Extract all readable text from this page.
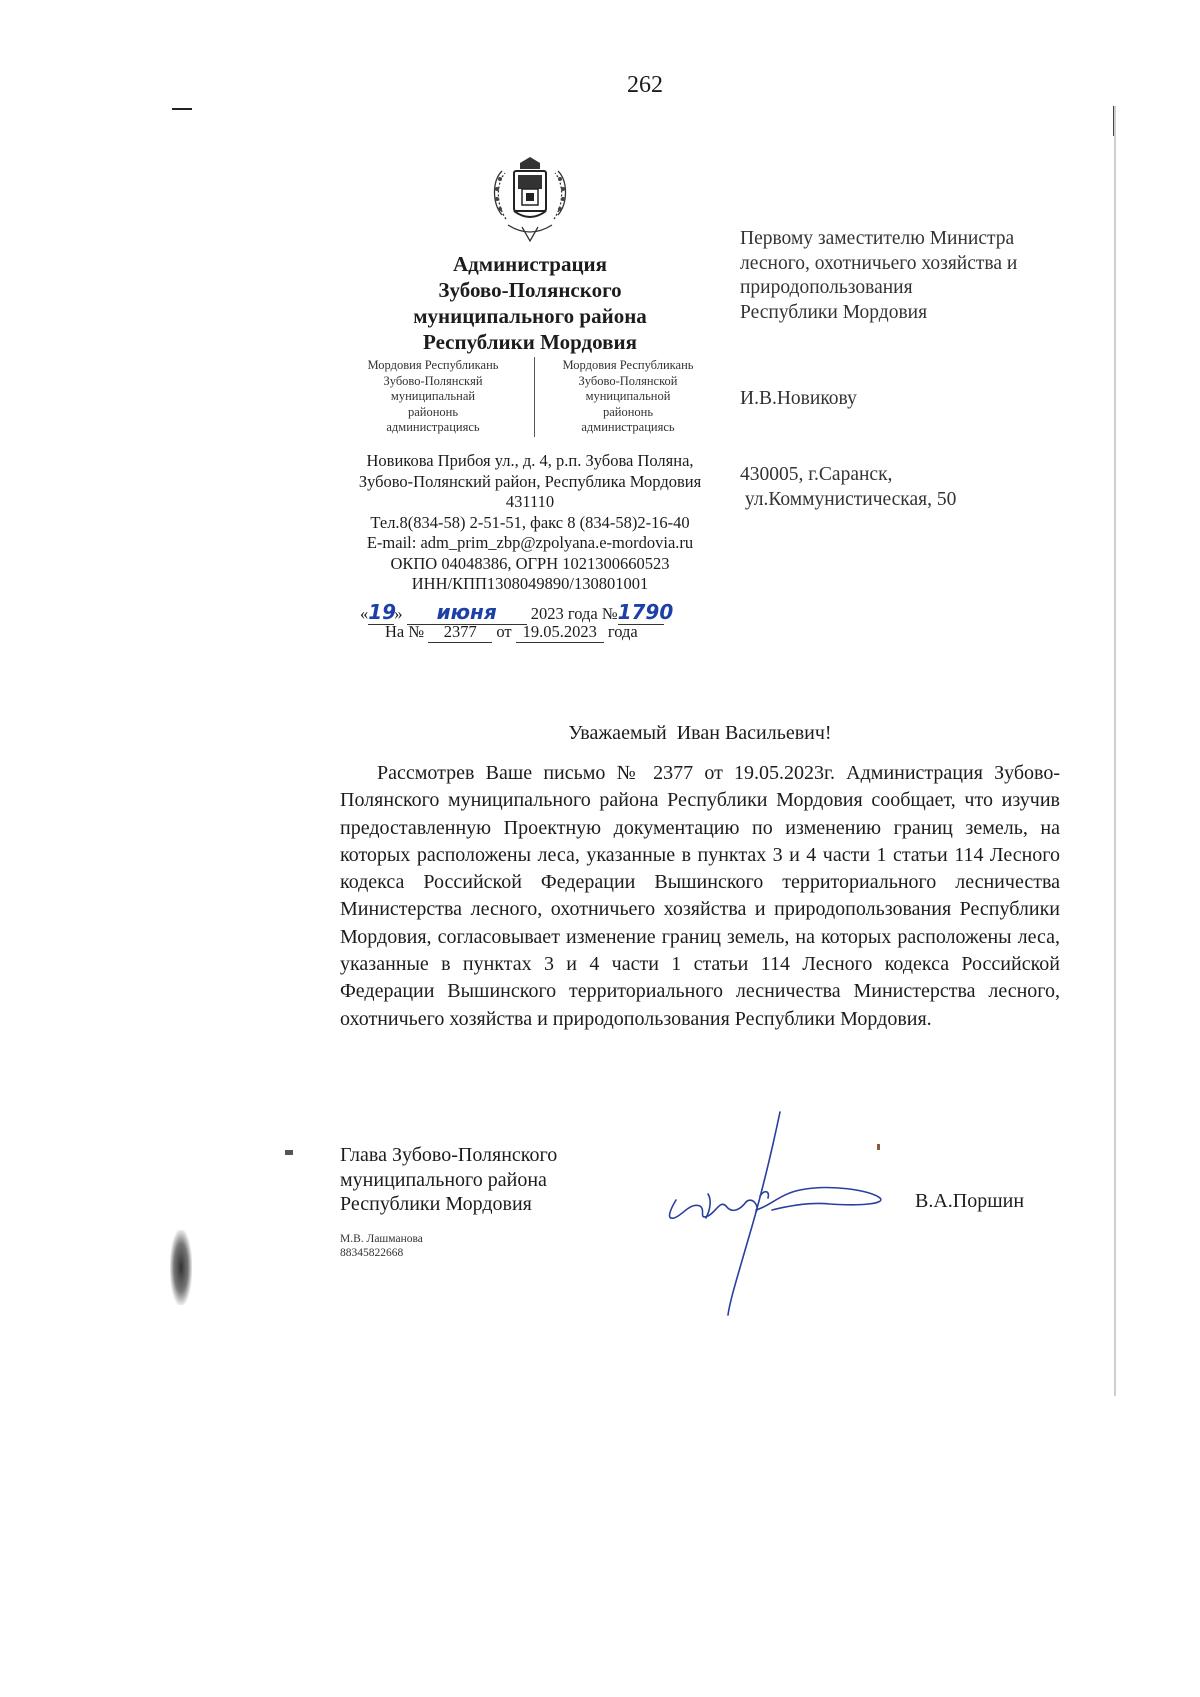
262
Администрация
Зубово-Полянского
муниципального района
Республики Мордовия
Мордовия Республикань
Зубово-Полянскяй
муниципальнай
райононь
администрациясь
Мордовия Республикань
Зубово-Полянской
муниципальной
райононь
администрациясь
Новикова Прибоя ул., д. 4, р.п. Зубова Поляна,
Зубово-Полянский район, Республика Мордовия
431110
Тел.8(834-58) 2-51-51, факс 8 (834-58)2-16-40
E-mail: adm_prim_zbp@zpolyana.e-mordovia.ru
ОКПО 04048386, ОГРН 1021300660523
ИНН/КПП1308049890/130801001
«19» июня 2023 года №1790
На № 2377 от 19.05.2023 года
Первому заместителю Министра
лесного, охотничьего хозяйства и
природопользования
Республики Мордовия
И.В.Новикову
430005, г.Саранск,
ул.Коммунистическая, 50
Уважаемый  Иван Васильевич!
Рассмотрев Ваше письмо № 2377 от 19.05.2023г. Администрация Зубово-Полянского муниципального района Республики Мордовия сообщает, что изучив предоставленную Проектную документацию по изменению границ земель, на которых расположены леса, указанные в пунктах 3 и 4 части 1 статьи 114 Лесного кодекса Российской Федерации Вышинского территориального лесничества Министерства лесного, охотничьего хозяйства и природопользования Республики Мордовия, согласовывает изменение границ земель, на которых расположены леса, указанные в пунктах 3 и 4 части 1 статьи 114 Лесного кодекса Российской Федерации Вышинского территориального лесничества Министерства лесного, охотничьего хозяйства и природопользования Республики Мордовия.
Глава Зубово-Полянского
муниципального района
Республики Мордовия	В.А.Поршин
М.В. Лашманова
88345822668
